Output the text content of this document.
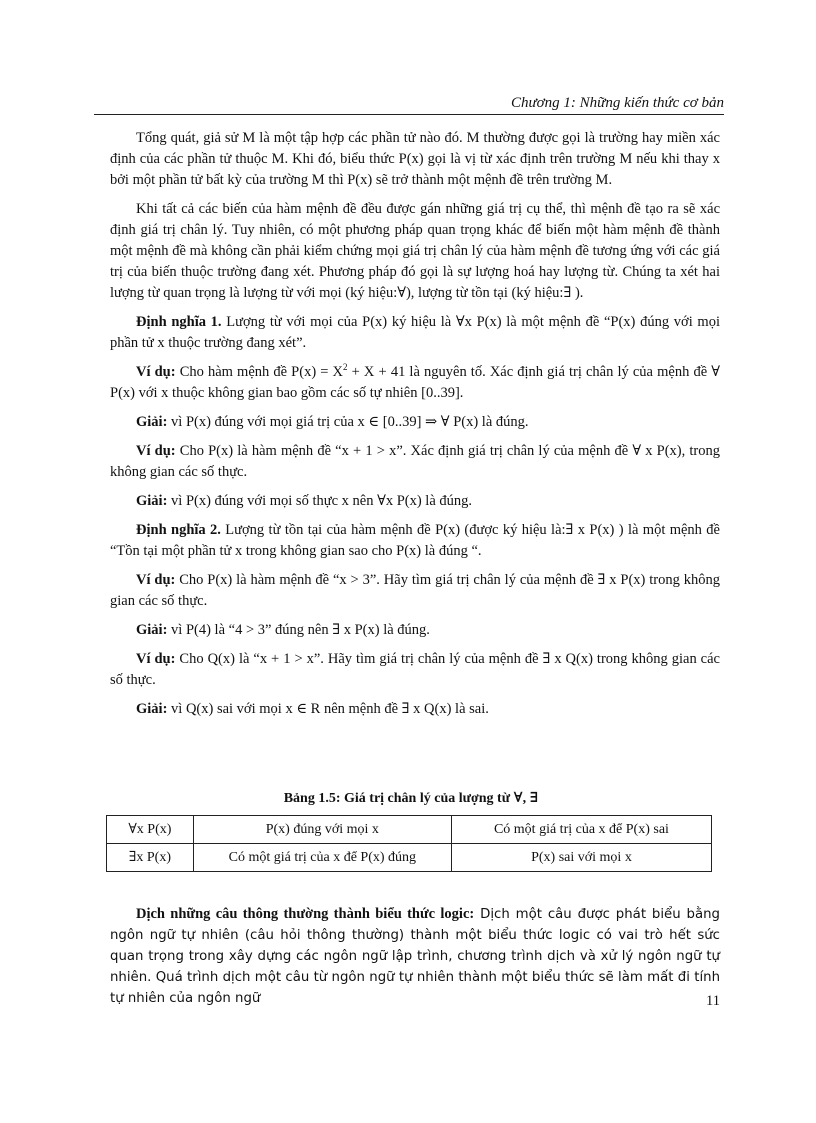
Chương 1: Những kiến thức cơ bản

Tổng quát, giả sử M là một tập hợp các phần tử nào đó. M thường được gọi là trường hay miền xác định của các phần tử thuộc M. Khi đó, biểu thức P(x) gọi là vị từ xác định trên trường M nếu khi thay x bởi một phần tử bất kỳ của trường M thì P(x) sẽ trở thành một mệnh đề trên trường M.

Khi tất cả các biến của hàm mệnh đề đều được gán những giá trị cụ thể, thì mệnh đề tạo ra sẽ xác định giá trị chân lý. Tuy nhiên, có một phương pháp quan trọng khác để biến một hàm mệnh đề thành một mệnh đề mà không cần phải kiểm chứng mọi giá trị chân lý của hàm mệnh đề tương ứng với các giá trị của biến thuộc trường đang xét. Phương pháp đó gọi là sự lượng hoá hay lượng từ. Chúng ta xét hai lượng từ quan trọng là lượng từ với mọi (ký hiệu:∀), lượng từ tồn tại (ký hiệu:∃ ).

Định nghĩa 1. Lượng từ với mọi của P(x) ký hiệu là ∀x P(x) là một mệnh đề “P(x) đúng với mọi phần tử x thuộc trường đang xét”.

Ví dụ: Cho hàm mệnh đề $P(x) = X^2 + X + 41$ là nguyên tố. Xác định giá trị chân lý của mệnh đề ∀ P(x) với x thuộc không gian bao gồm các số tự nhiên [0..39].

Giải: vì P(x) đúng với mọi giá trị của x ∈ [0..39] ⇒ ∀ P(x) là đúng.

Ví dụ: Cho P(x) là hàm mệnh đề “x + 1 > x”. Xác định giá trị chân lý của mệnh đề ∀ x P(x), trong không gian các số thực.

Giải: vì P(x) đúng với mọi số thực x nên ∀x P(x) là đúng.

Định nghĩa 2. Lượng từ tồn tại của hàm mệnh đề P(x) (được ký hiệu là:∃ x P(x) ) là một mệnh đề “Tồn tại một phần tử x trong không gian sao cho P(x) là đúng “.

Ví dụ: Cho P(x) là hàm mệnh đề “x > 3”. Hãy tìm giá trị chân lý của mệnh đề ∃ x P(x) trong không gian các số thực.

Giải: vì P(4) là “4 > 3” đúng nên ∃ x P(x) là đúng.

Ví dụ: Cho Q(x) là “x + 1 > x”. Hãy tìm giá trị chân lý của mệnh đề ∃ x Q(x) trong không gian các số thực.

Giải: vì Q(x) sai với mọi x ∈ R nên mệnh đề ∃ x Q(x) là sai.

Bảng 1.5: Giá trị chân lý của lượng từ ∀, ∃
∀x P(x)	P(x) đúng với mọi x	Có một giá trị của x để P(x) sai
∃x P(x)	Có một giá trị của x để P(x) đúng	P(x) sai với mọi x

Dịch những câu thông thường thành biểu thức logic: Dịch một câu được phát biểu bằng ngôn ngữ tự nhiên (câu hỏi thông thường) thành một biểu thức logic có vai trò hết sức quan trọng trong xây dựng các ngôn ngữ lập trình, chương trình dịch và xử lý ngôn ngữ tự nhiên. Quá trình dịch một câu từ ngôn ngữ tự nhiên thành một biểu thức sẽ làm mất đi tính tự nhiên của ngôn ngữ	11
